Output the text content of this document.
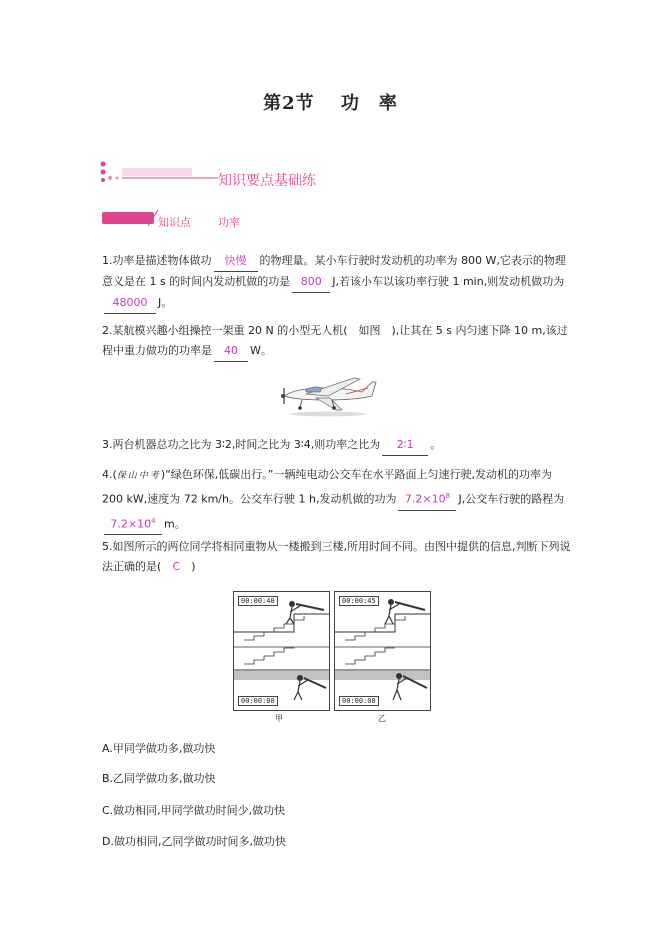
第2节　 功　率
知识要点基础练
知识点 功率
1.功率是描述物体做功 快慢 的物理量。某小车行驶时发动机的功率为 800 W,它表示的物理意义是在 1 s 的时间内发动机做的功是 800 J,若该小车以该功率行驶 1 min,则发动机做功为48000 J。
2.某航模兴趣小组操控一架重 20 N 的小型无人机(　如图　),让其在 5 s 内匀速下降 10 m,该过程中重力做功的功率是 40 W。
3.两台机器总功之比为 3∶2,时间之比为 3∶4,则功率之比为 2∶1 。
4.(保山中考)“绿色环保,低碳出行。”一辆纯电动公交车在水平路面上匀速行驶,发动机的功率为 200 kW,速度为 72 km/h。公交车行驶 1 h,发动机做的功为 $7.2\times 10^8$ J,公交车行驶的路程为$7.2\times 10^4$ m。
5.如图所示的两位同学将相同重物从一楼搬到三楼,所用时间不同。由图中提供的信息,判断下列说法正确的是( C )
00:00:40
00:00:00
甲
00:00:45
00:00:00
乙
A.甲同学做功多,做功快
B.乙同学做功多,做功快
C.做功相同,甲同学做功时间少,做功快
D.做功相同,乙同学做功时间多,做功快
